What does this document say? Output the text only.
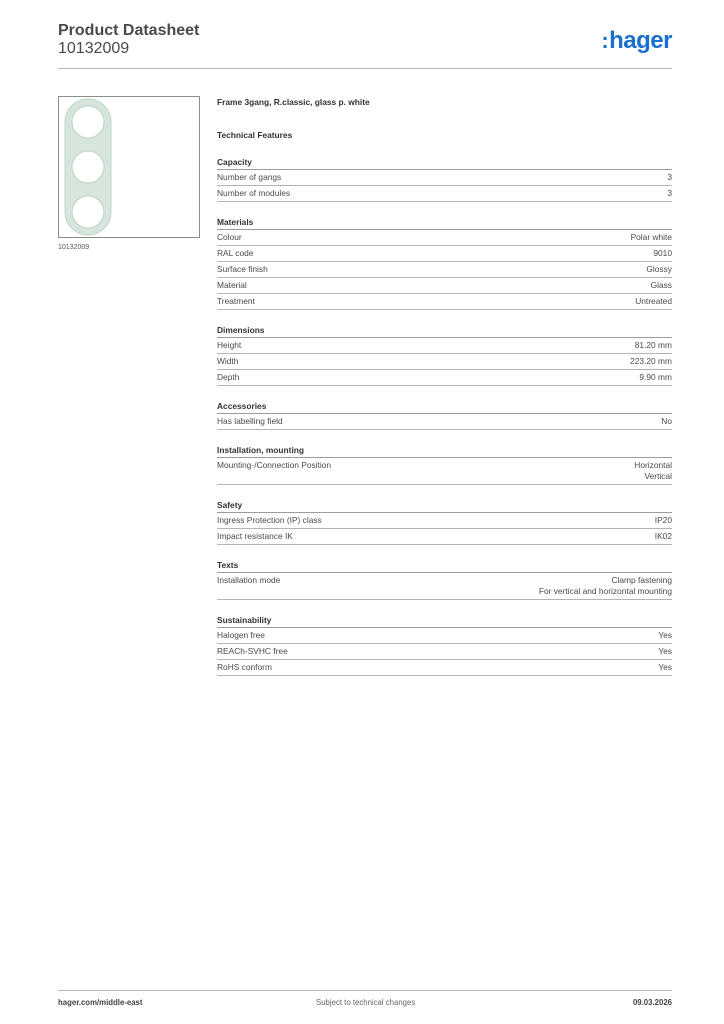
Product Datasheet
10132009	:hager
10132009
Frame 3gang, R.classic, glass p. white
Technical Features
Capacity
Number of gangs	3
Number of modules	3
Materials
Colour	Polar white
RAL code	9010
Surface finish	Glossy
Material	Glass
Treatment	Untreated
Dimensions
Height	81.20 mm
Width	223.20 mm
Depth	9.90 mm
Accessories
Has labelling field	No
Installation, mounting
Mounting-/Connection Position	Horizontal
Vertical
Safety
Ingress Protection (IP) class	IP20
Impact resistance IK	IK02
Texts
Installation mode	Clamp fastening
For vertical and horizontal mounting
Sustainability
Halogen free	Yes
REACh-SVHC free	Yes
RoHS conform	Yes
hager.com/middle-east	Subject to technical changes	09.03.2026
